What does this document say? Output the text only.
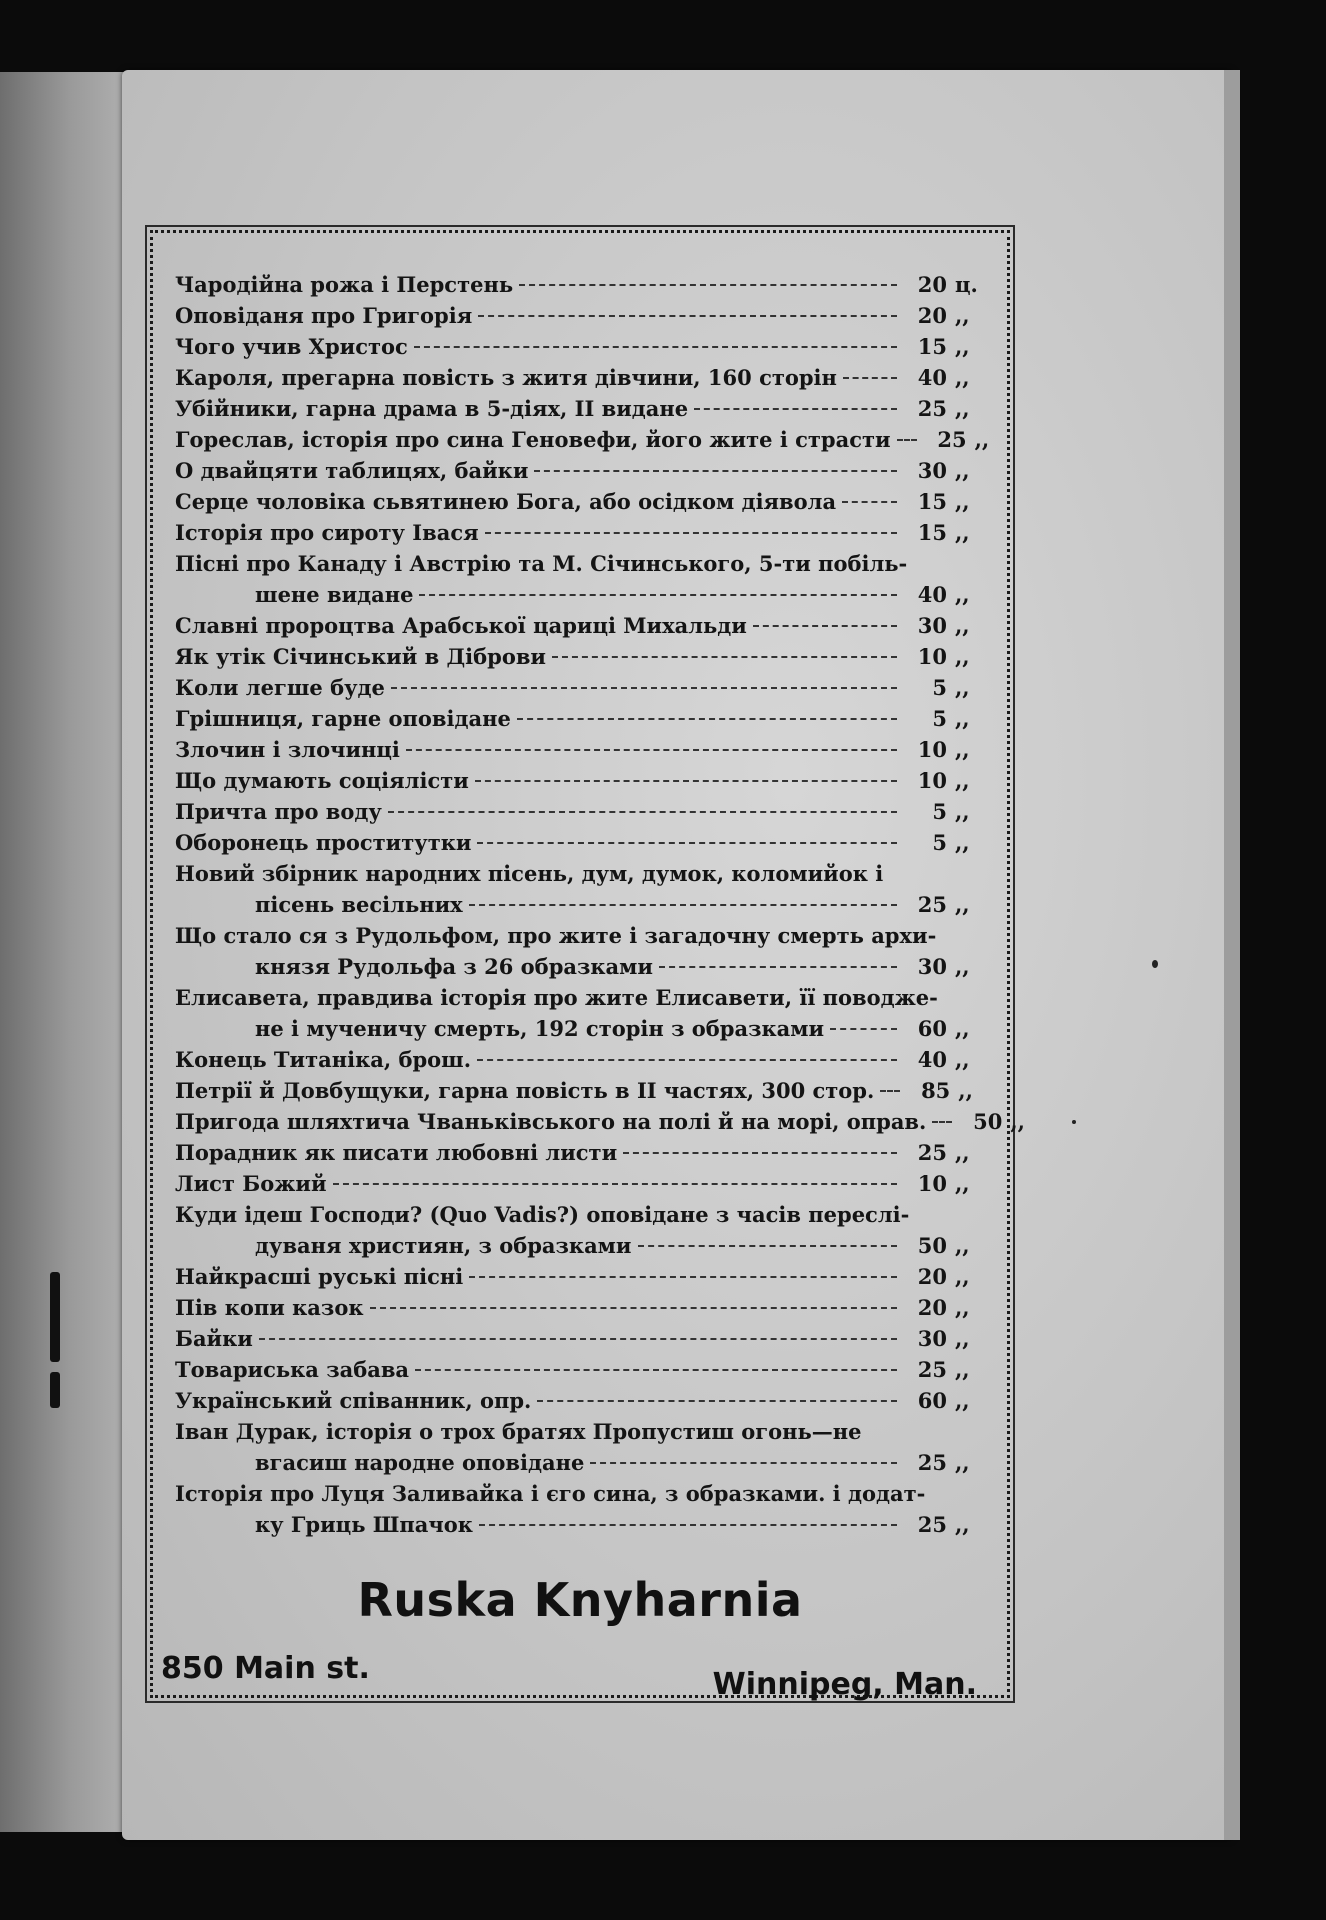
Чародійна рожа і Перстень	20 ц.
Оповіданя про Григорія	20 ,,
Чого учив Христос	15 ,,
Кароля, прегарна повість з житя дівчини, 160 сторін	40 ,,
Убійники, гарна драма в 5-діях, II видане	25 ,,
Горeслав, історія про сина Геновефи, його жите і страсти	25 ,,
О двайцяти таблицях, байки	30 ,,
Серце чоловіка сьвятинею Бога, або осідком діявола	15 ,,
Історія про сироту Івася	15 ,,
Пісні про Канаду і Австрію та М. Січинського, 5-ти побіль-
шене видане	40 ,,
Славні пророцтва Арабської цариці Михальди	30 ,,
Як утік Січинський в Діброви	10 ,,
Коли легше буде	5 ,,
Грішниця, гарне оповідане	5 ,,
Злочин і злочинці	10 ,,
Що думають соціялісти	10 ,,
Причта про воду	5 ,,
Оборонець проститутки	5 ,,
Новий збірник народних пісень, дум, думок, коломийок і
пісень весільних	25 ,,
Що стало ся з Рудольфом, про жите і загадочну смерть архи-
князя Рудольфа з 26 образками	30 ,,
Елисавета, правдива історія про жите Елисавети, її поводже-
не і мученичу смерть, 192 сторін з образками	60 ,,
Конець Титаніка, брош.	40 ,,
Петрії й Довбущуки, гарна повість в II частях, 300 стор.	85 ,,
Пригода шляхтича Чваньківського на полі й на морі, оправ.	50 ,,
Порадник як писати любовні листи	25 ,,
Лист Божий	10 ,,
Куди ідеш Господи? (Quo Vadis?) оповідане з часів переслі-
дуваня християн, з образками	50 ,,
Найкрасші руські пісні	20 ,,
Пів копи казок	20 ,,
Байки	30 ,,
Товариська забава	25 ,,
Український співанник, опр.	60 ,,
Іван Дурак, історія о трох братях Пропустиш огонь—не
вгасиш народне оповідане	25 ,,
Історія про Луця Заливайка і єго сина, з образками. і додат-
ку Гриць Шпачок	25 ,,
Ruska Knyharnia
850 Main st.	Winnipeg, Man.
